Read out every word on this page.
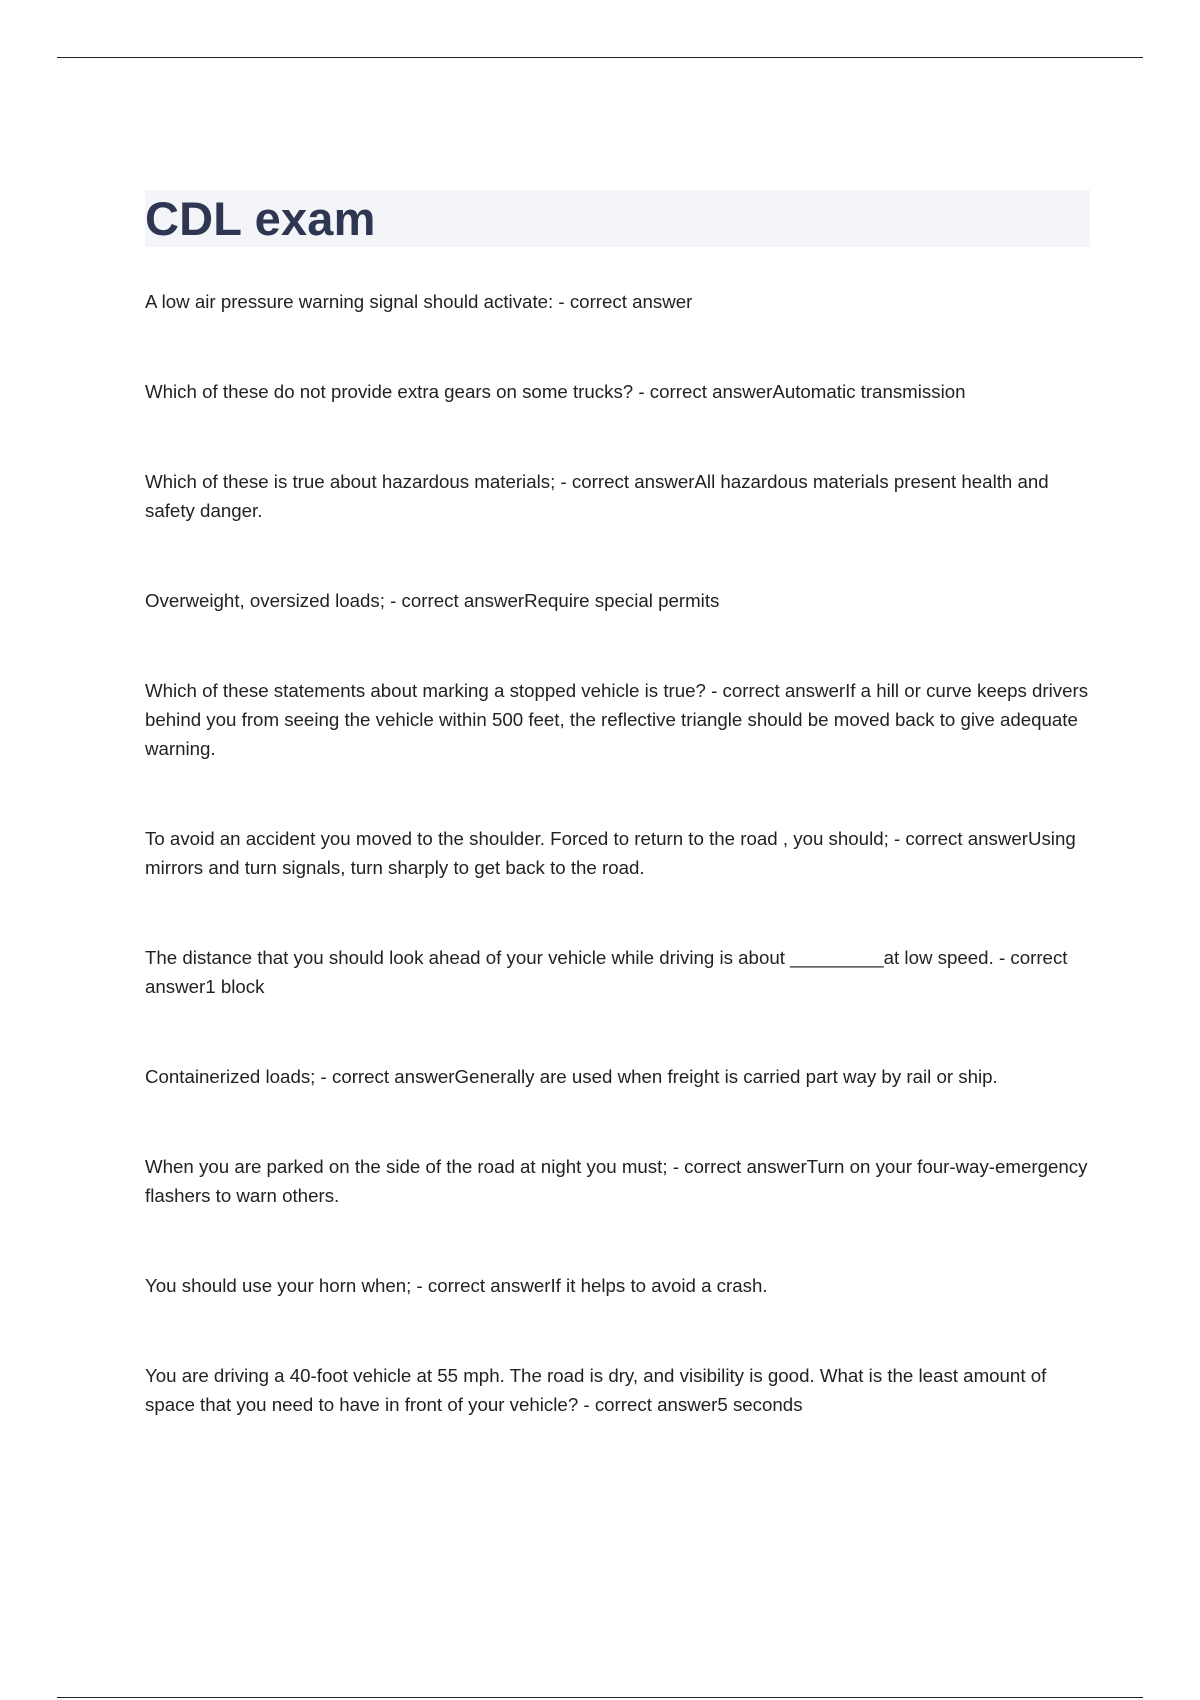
CDL exam
A low air pressure warning signal should activate: - correct answer
Which of these do not provide extra gears on some trucks? - correct answerAutomatic transmission
Which of these is true about hazardous materials; - correct answerAll hazardous materials present health and safety danger.
Overweight, oversized loads; - correct answerRequire special permits
Which of these statements about marking a stopped vehicle is true? - correct answerIf a hill or curve keeps drivers behind you from seeing the vehicle within 500 feet, the reflective triangle should be moved back to give adequate warning.
To avoid an accident you moved to the shoulder. Forced to return to the road , you should; - correct answerUsing mirrors and turn signals, turn sharply to get back to the road.
The distance that you should look ahead of your vehicle while driving is about _________at low speed. - correct answer1 block
Containerized loads; - correct answerGenerally are used when freight is carried part way by rail or ship.
When you are parked on the side of the road at night you must; - correct answerTurn on your four-way-emergency flashers to warn others.
You should use your horn when; - correct answerIf it helps to avoid a crash.
You are driving a 40-foot vehicle at 55 mph. The road is dry, and visibility is good. What is the least amount of space that you need to have in front of your vehicle? - correct answer5 seconds
